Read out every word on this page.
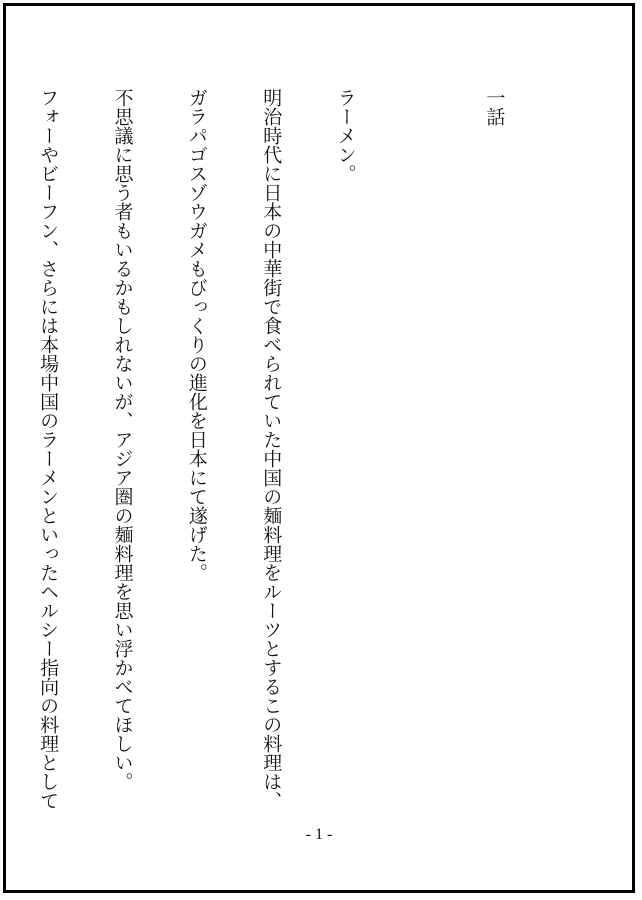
一話

ラーメン。

明治時代に日本の中華街で食べられていた中国の麺料理をルーツとするこの料理は、

ガラパゴスゾウガメもびっくりの進化を日本にて遂げた。

不思議に思う者もいるかもしれないが、アジア圏の麺料理を思い浮かべてほしい。

フォーやビーフン、さらには本場中国のラーメンといったヘルシー指向の料理として

- 1 -
